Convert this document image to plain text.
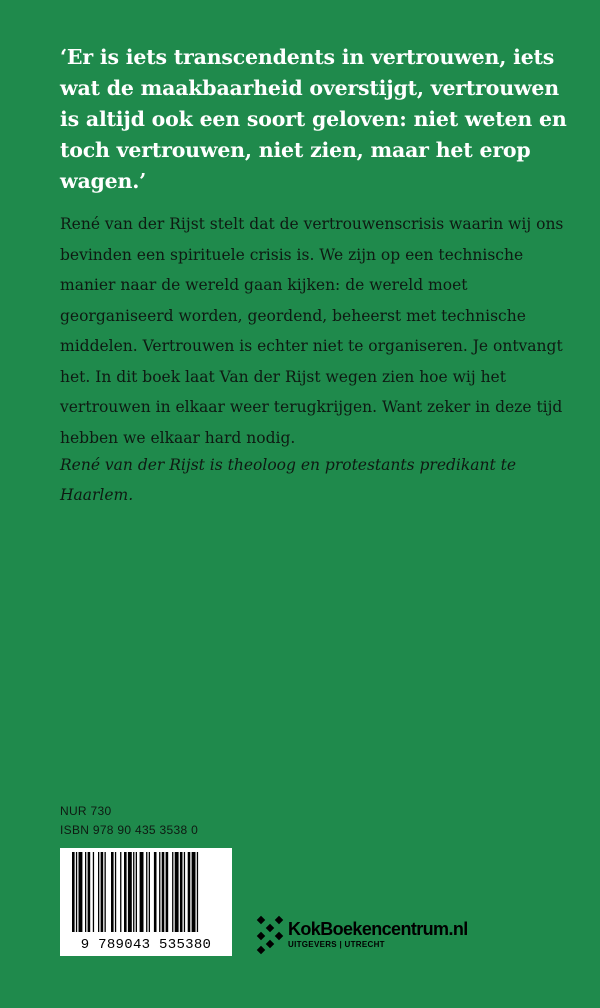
‘Er is iets transcendents in vertrouwen, iets wat de maakbaarheid overstijgt, vertrouwen is altijd ook een soort geloven: niet weten en toch vertrouwen, niet zien, maar het erop wagen.’
René van der Rijst stelt dat de vertrouwenscrisis waarin wij ons bevinden een spirituele crisis is. We zijn op een technische manier naar de wereld gaan kijken: de wereld moet georganiseerd worden, geordend, beheerst met technische middelen. Vertrouwen is echter niet te organiseren. Je ontvangt het. In dit boek laat Van der Rijst wegen zien hoe wij het vertrouwen in elkaar weer terugkrijgen. Want zeker in deze tijd hebben we elkaar hard nodig.
René van der Rijst is theoloog en protestants predikant te Haarlem.
NUR 730
ISBN 978 90 435 3538 0
9 789043 535380
KokBoekencentrum.nl
UITGEVERS | UTRECHT
